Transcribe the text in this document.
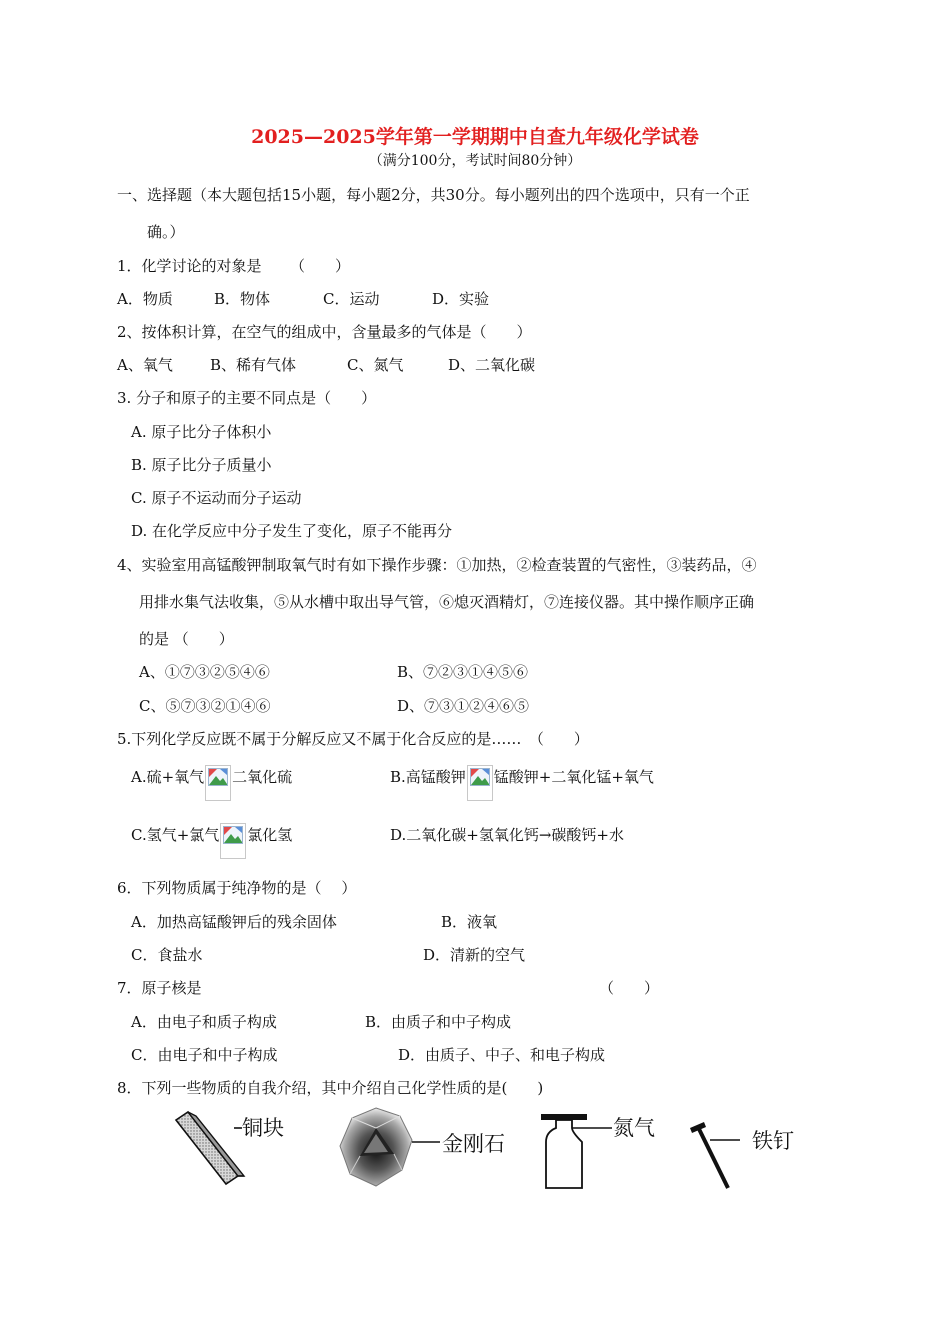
2025—2025学年第一学期期中自查九年级化学试卷
（满分100分，考试时间80分钟）
一、选择题（本大题包括15小题，每小题2分，共30分。每小题列出的四个选项中，只有一个正
确。）
1．化学讨论的对象是 （　　）
A．物质	B．物体	C．运动	D．实验
2、按体积计算，在空气的组成中，含量最多的气体是（　　）
A、氧气 B、稀有气体	C、氮气	D、二氧化碳
3. 分子和原子的主要不同点是（　　）
A. 原子比分子体积小
B. 原子比分子质量小
C. 原子不运动而分子运动
D. 在化学反应中分子发生了变化，原子不能再分
4、实验室用高锰酸钾制取氧气时有如下操作步骤：①加热，②检查装置的气密性，③装药品，④
用排水集气法收集，⑤从水槽中取出导气管，⑥熄灭酒精灯，⑦连接仪器。其中操作顺序正确
的是 （　　）
A、①⑦③②⑤④⑥	B、⑦②③①④⑤⑥
C、⑤⑦③②①④⑥	D、⑦③①②④⑥⑤
5.下列化学反应既不属于分解反应又不属于化合反应的是……　（　　）
A.硫+氧气 二氧化硫	B.高锰酸钾 锰酸钾+二氧化锰+氧气
C.氢气+氯气 氯化氢	D.二氧化碳+氢氧化钙→碳酸钙+水
6．下列物质属于纯净物的是（　 ）
A．加热高锰酸钾后的残余固体	B．液氧
C．食盐水	D．清新的空气
7．原子核是	（　　）
A．由电子和质子构成	B．由质子和中子构成
C．由电子和中子构成	D．由质子、中子、和电子构成
8．下列一些物质的自我介绍，其中介绍自己化学性质的是(　　)
铜块
金刚石
氮气
铁钉
